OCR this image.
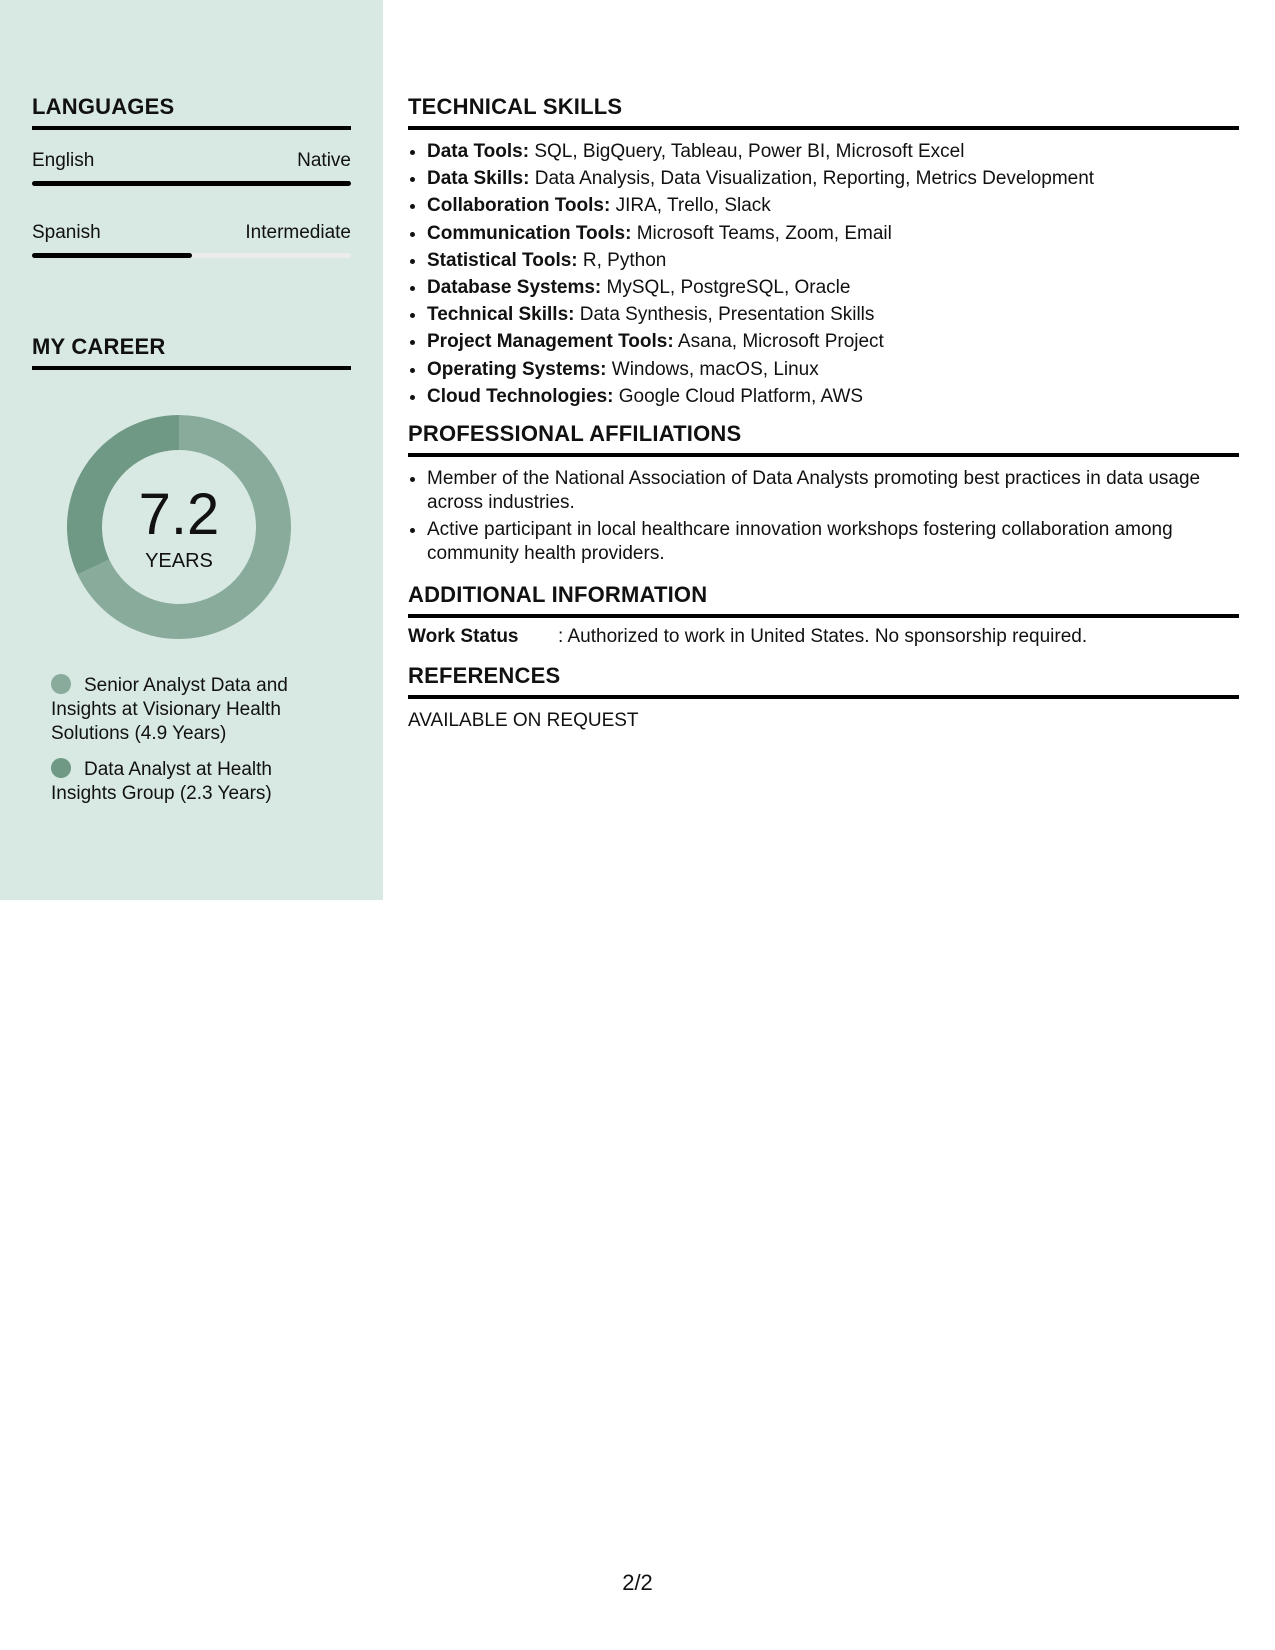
LANGUAGES
English	Native
Spanish	Intermediate
MY CAREER
7.2
YEARS
Senior Analyst Data and Insights at Visionary Health Solutions (4.9 Years)
Data Analyst at Health Insights Group (2.3 Years)
TECHNICAL SKILLS
• Data Tools: SQL, BigQuery, Tableau, Power BI, Microsoft Excel
• Data Skills: Data Analysis, Data Visualization, Reporting, Metrics Development
• Collaboration Tools: JIRA, Trello, Slack
• Communication Tools: Microsoft Teams, Zoom, Email
• Statistical Tools: R, Python
• Database Systems: MySQL, PostgreSQL, Oracle
• Technical Skills: Data Synthesis, Presentation Skills
• Project Management Tools: Asana, Microsoft Project
• Operating Systems: Windows, macOS, Linux
• Cloud Technologies: Google Cloud Platform, AWS
PROFESSIONAL AFFILIATIONS
• Member of the National Association of Data Analysts promoting best practices in data usage across industries.
• Active participant in local healthcare innovation workshops fostering collaboration among community health providers.
ADDITIONAL INFORMATION
Work Status	: Authorized to work in United States. No sponsorship required.
REFERENCES
AVAILABLE ON REQUEST
2/2
